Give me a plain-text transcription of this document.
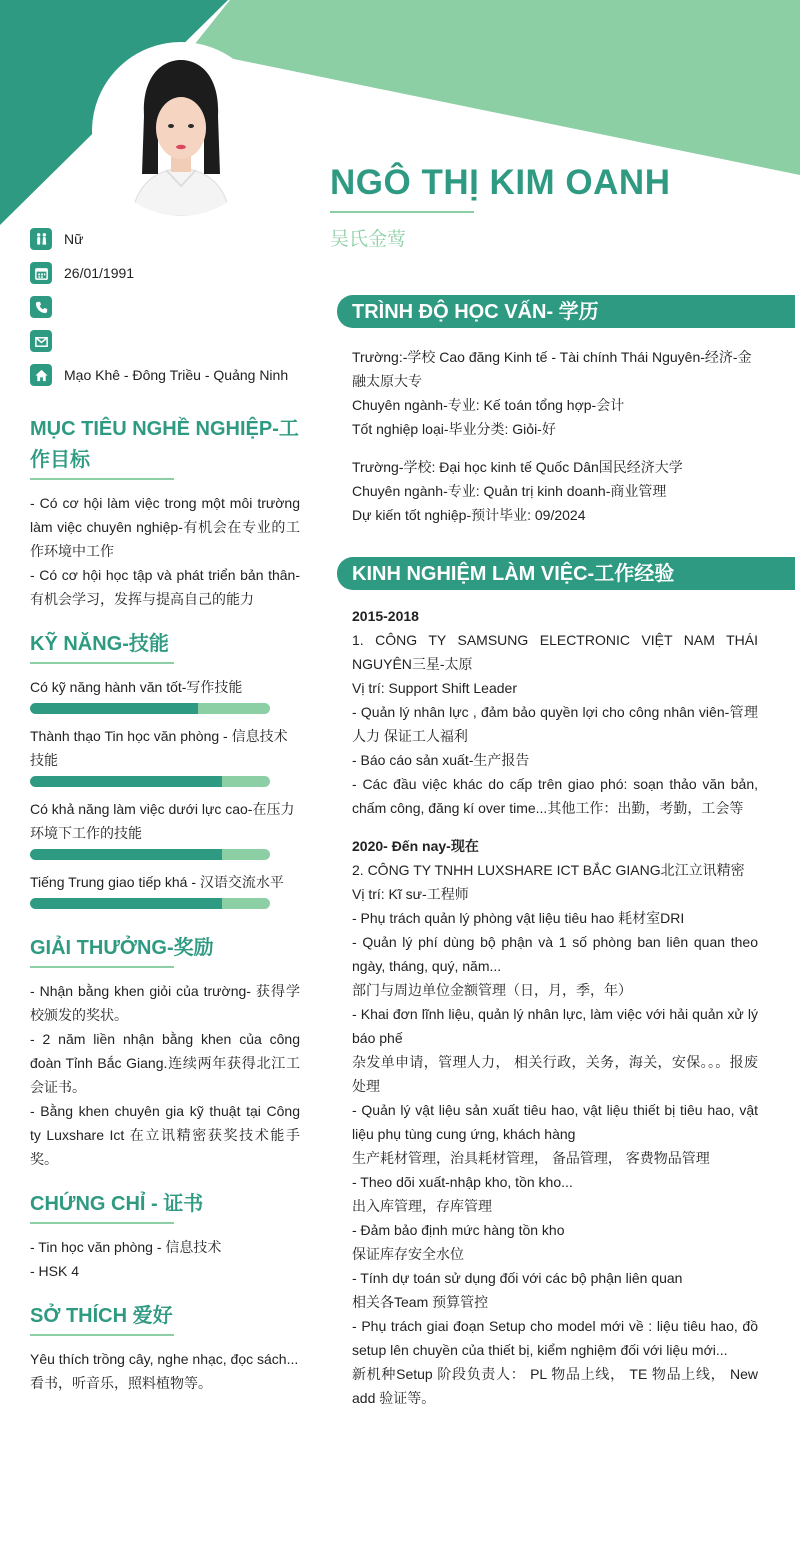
NGÔ THỊ KIM OANH
吴氏金莺
Nữ
26/01/1991
Mạo Khê - Đông Triều - Quảng Ninh
MỤC TIÊU NGHỀ NGHIỆP-工作目标

- Có cơ hội làm việc trong một môi trường làm việc chuyên nghiệp-有机会在专业的工作环境中工作

- Có cơ hội học tập và phát triển bản thân-有机会学习，发挥与提高自己的能力

KỸ NĂNG-技能

Có kỹ năng hành văn tốt-写作技能

Thành thạo Tin học văn phòng - 信息技术技能

Có khả năng làm việc dưới lực cao-在压力环境下工作的技能

Tiếng Trung giao tiếp khá - 汉语交流水平

GIẢI THƯỞNG-奖励

- Nhận bằng khen giỏi của trường- 获得学校颁发的奖状。

- 2 năm liền nhận bằng khen của công đoàn Tỉnh Bắc Giang.连续两年获得北江工会证书。

- Bằng khen chuyên gia kỹ thuật tại Công ty Luxshare Ict 在立讯精密获奖技术能手奖。

CHỨNG CHỈ - 证书

- Tin học văn phòng - 信息技术

- HSK 4

SỞ THÍCH 爱好

Yêu thích trồng cây, nghe nhạc, đọc sách...

看书，听音乐，照料植物等。

TRÌNH ĐỘ HỌC VẤN- 学历
Trường:-学校 Cao đăng Kinh tế - Tài chính Thái Nguyên-经济-金融太原大专
Chuyên ngành-专业: Kế toán tổng hợp-会计
Tốt nghiệp loại-毕业分类: Giỏi-好
Trường-学校: Đại học kinh tế Quốc Dân国民经济大学
Chuyên ngành-专业: Quản trị kinh doanh-商业管理
Dự kiến tốt nghiệp-预计毕业: 09/2024
KINH NGHIỆM LÀM VIỆC-工作经验
2015-2018
1. CÔNG TY SAMSUNG ELECTRONIC VIỆT NAM THÁI NGUYÊN三星-太原
Vị trí: Support Shift Leader
- Quản lý nhân lực , đảm bảo quyền lợi cho công nhân viên-管理人力 保证工人福利
- Báo cáo sản xuất-生产报告
- Các đầu việc khác do cấp trên giao phó: soạn thảo văn bản, chấm công, đăng kí over time...其他工作：出勤，考勤，工会等
2020- Đến nay-现在
2. CÔNG TY TNHH LUXSHARE ICT BẮC GIANG北江立讯精密
Vị trí: Kĩ sư-工程师
- Phụ trách quản lý phòng vật liệu tiêu hao 耗材室DRI
- Quản lý phí dùng bộ phận và 1 số phòng ban liên quan theo ngày, tháng, quý, năm...
部门与周边单位金额管理（日，月，季，年）
- Khai đơn lĩnh liệu, quản lý nhân lực, làm việc với hải quản xử lý báo phế
杂发单申请，管理人力， 相关行政，关务，海关，安保。。。报废处理
- Quản lý vật liệu sản xuất tiêu hao, vật liệu thiết bị tiêu hao, vật liệu phụ tùng cung ứng, khách hàng
生产耗材管理，治具耗材管理， 备品管理， 客费物品管理
- Theo dõi xuất-nhập kho, tồn kho...
出入库管理，存库管理
- Đảm bảo định mức hàng tồn kho
保证库存安全水位
- Tính dự toán sử dụng đối với các bộ phận liên quan
相关各Team 预算管控
- Phụ trách giai đoạn Setup cho model mới về : liệu tiêu hao, đồ setup lên chuyền của thiết bị, kiểm nghiệm đối với liệu mới...
新机种Setup 阶段负责人： PL 物品上线， TE 物品上线， New add 验证等。
